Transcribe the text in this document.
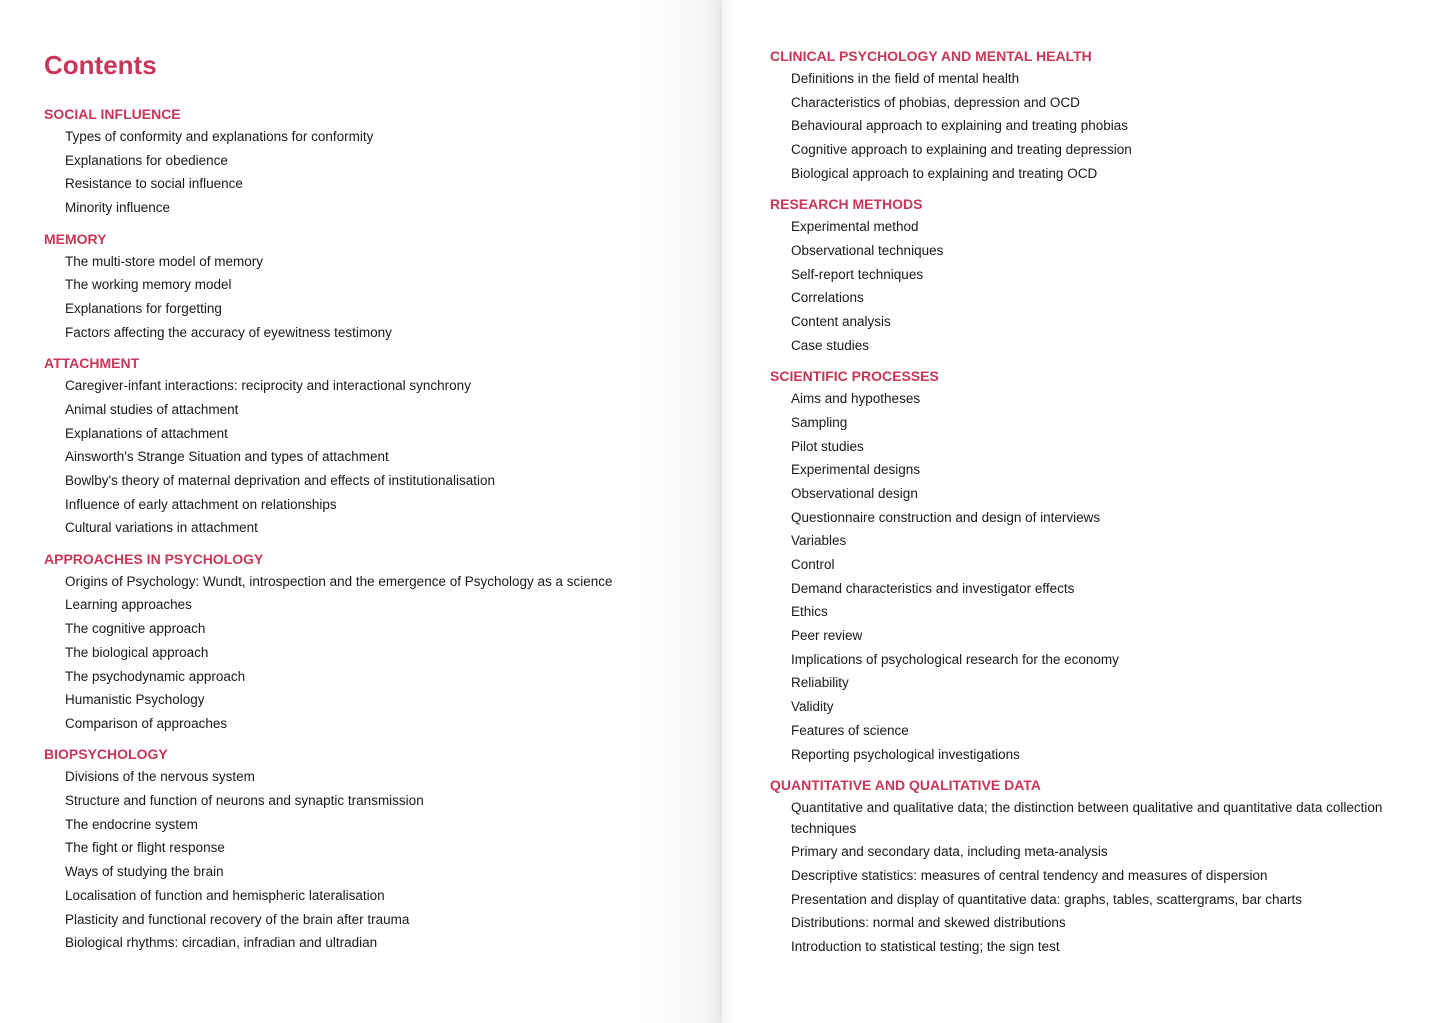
Contents
SOCIAL INFLUENCE
Types of conformity and explanations for conformity
Explanations for obedience
Resistance to social influence
Minority influence
MEMORY
The multi-store model of memory
The working memory model
Explanations for forgetting
Factors affecting the accuracy of eyewitness testimony
ATTACHMENT
Caregiver-infant interactions: reciprocity and interactional synchrony
Animal studies of attachment
Explanations of attachment
Ainsworth's Strange Situation and types of attachment
Bowlby's theory of maternal deprivation and effects of institutionalisation
Influence of early attachment on relationships
Cultural variations in attachment
APPROACHES IN PSYCHOLOGY
Origins of Psychology: Wundt, introspection and the emergence of Psychology as a science
Learning approaches
The cognitive approach
The biological approach
The psychodynamic approach
Humanistic Psychology
Comparison of approaches
BIOPSYCHOLOGY
Divisions of the nervous system
Structure and function of neurons and synaptic transmission
The endocrine system
The fight or flight response
Ways of studying the brain
Localisation of function and hemispheric lateralisation
Plasticity and functional recovery of the brain after trauma
Biological rhythms: circadian, infradian and ultradian
CLINICAL PSYCHOLOGY AND MENTAL HEALTH
Definitions in the field of mental health
Characteristics of phobias, depression and OCD
Behavioural approach to explaining and treating phobias
Cognitive approach to explaining and treating depression
Biological approach to explaining and treating OCD
RESEARCH METHODS
Experimental method
Observational techniques
Self-report techniques
Correlations
Content analysis
Case studies
SCIENTIFIC PROCESSES
Aims and hypotheses
Sampling
Pilot studies
Experimental designs
Observational design
Questionnaire construction and design of interviews
Variables
Control
Demand characteristics and investigator effects
Ethics
Peer review
Implications of psychological research for the economy
Reliability
Validity
Features of science
Reporting psychological investigations
QUANTITATIVE AND QUALITATIVE DATA
Quantitative and qualitative data; the distinction between qualitative and quantitative data collection techniques
Primary and secondary data, including meta-analysis
Descriptive statistics: measures of central tendency and measures of dispersion
Presentation and display of quantitative data: graphs, tables, scattergrams, bar charts
Distributions: normal and skewed distributions
Introduction to statistical testing; the sign test
